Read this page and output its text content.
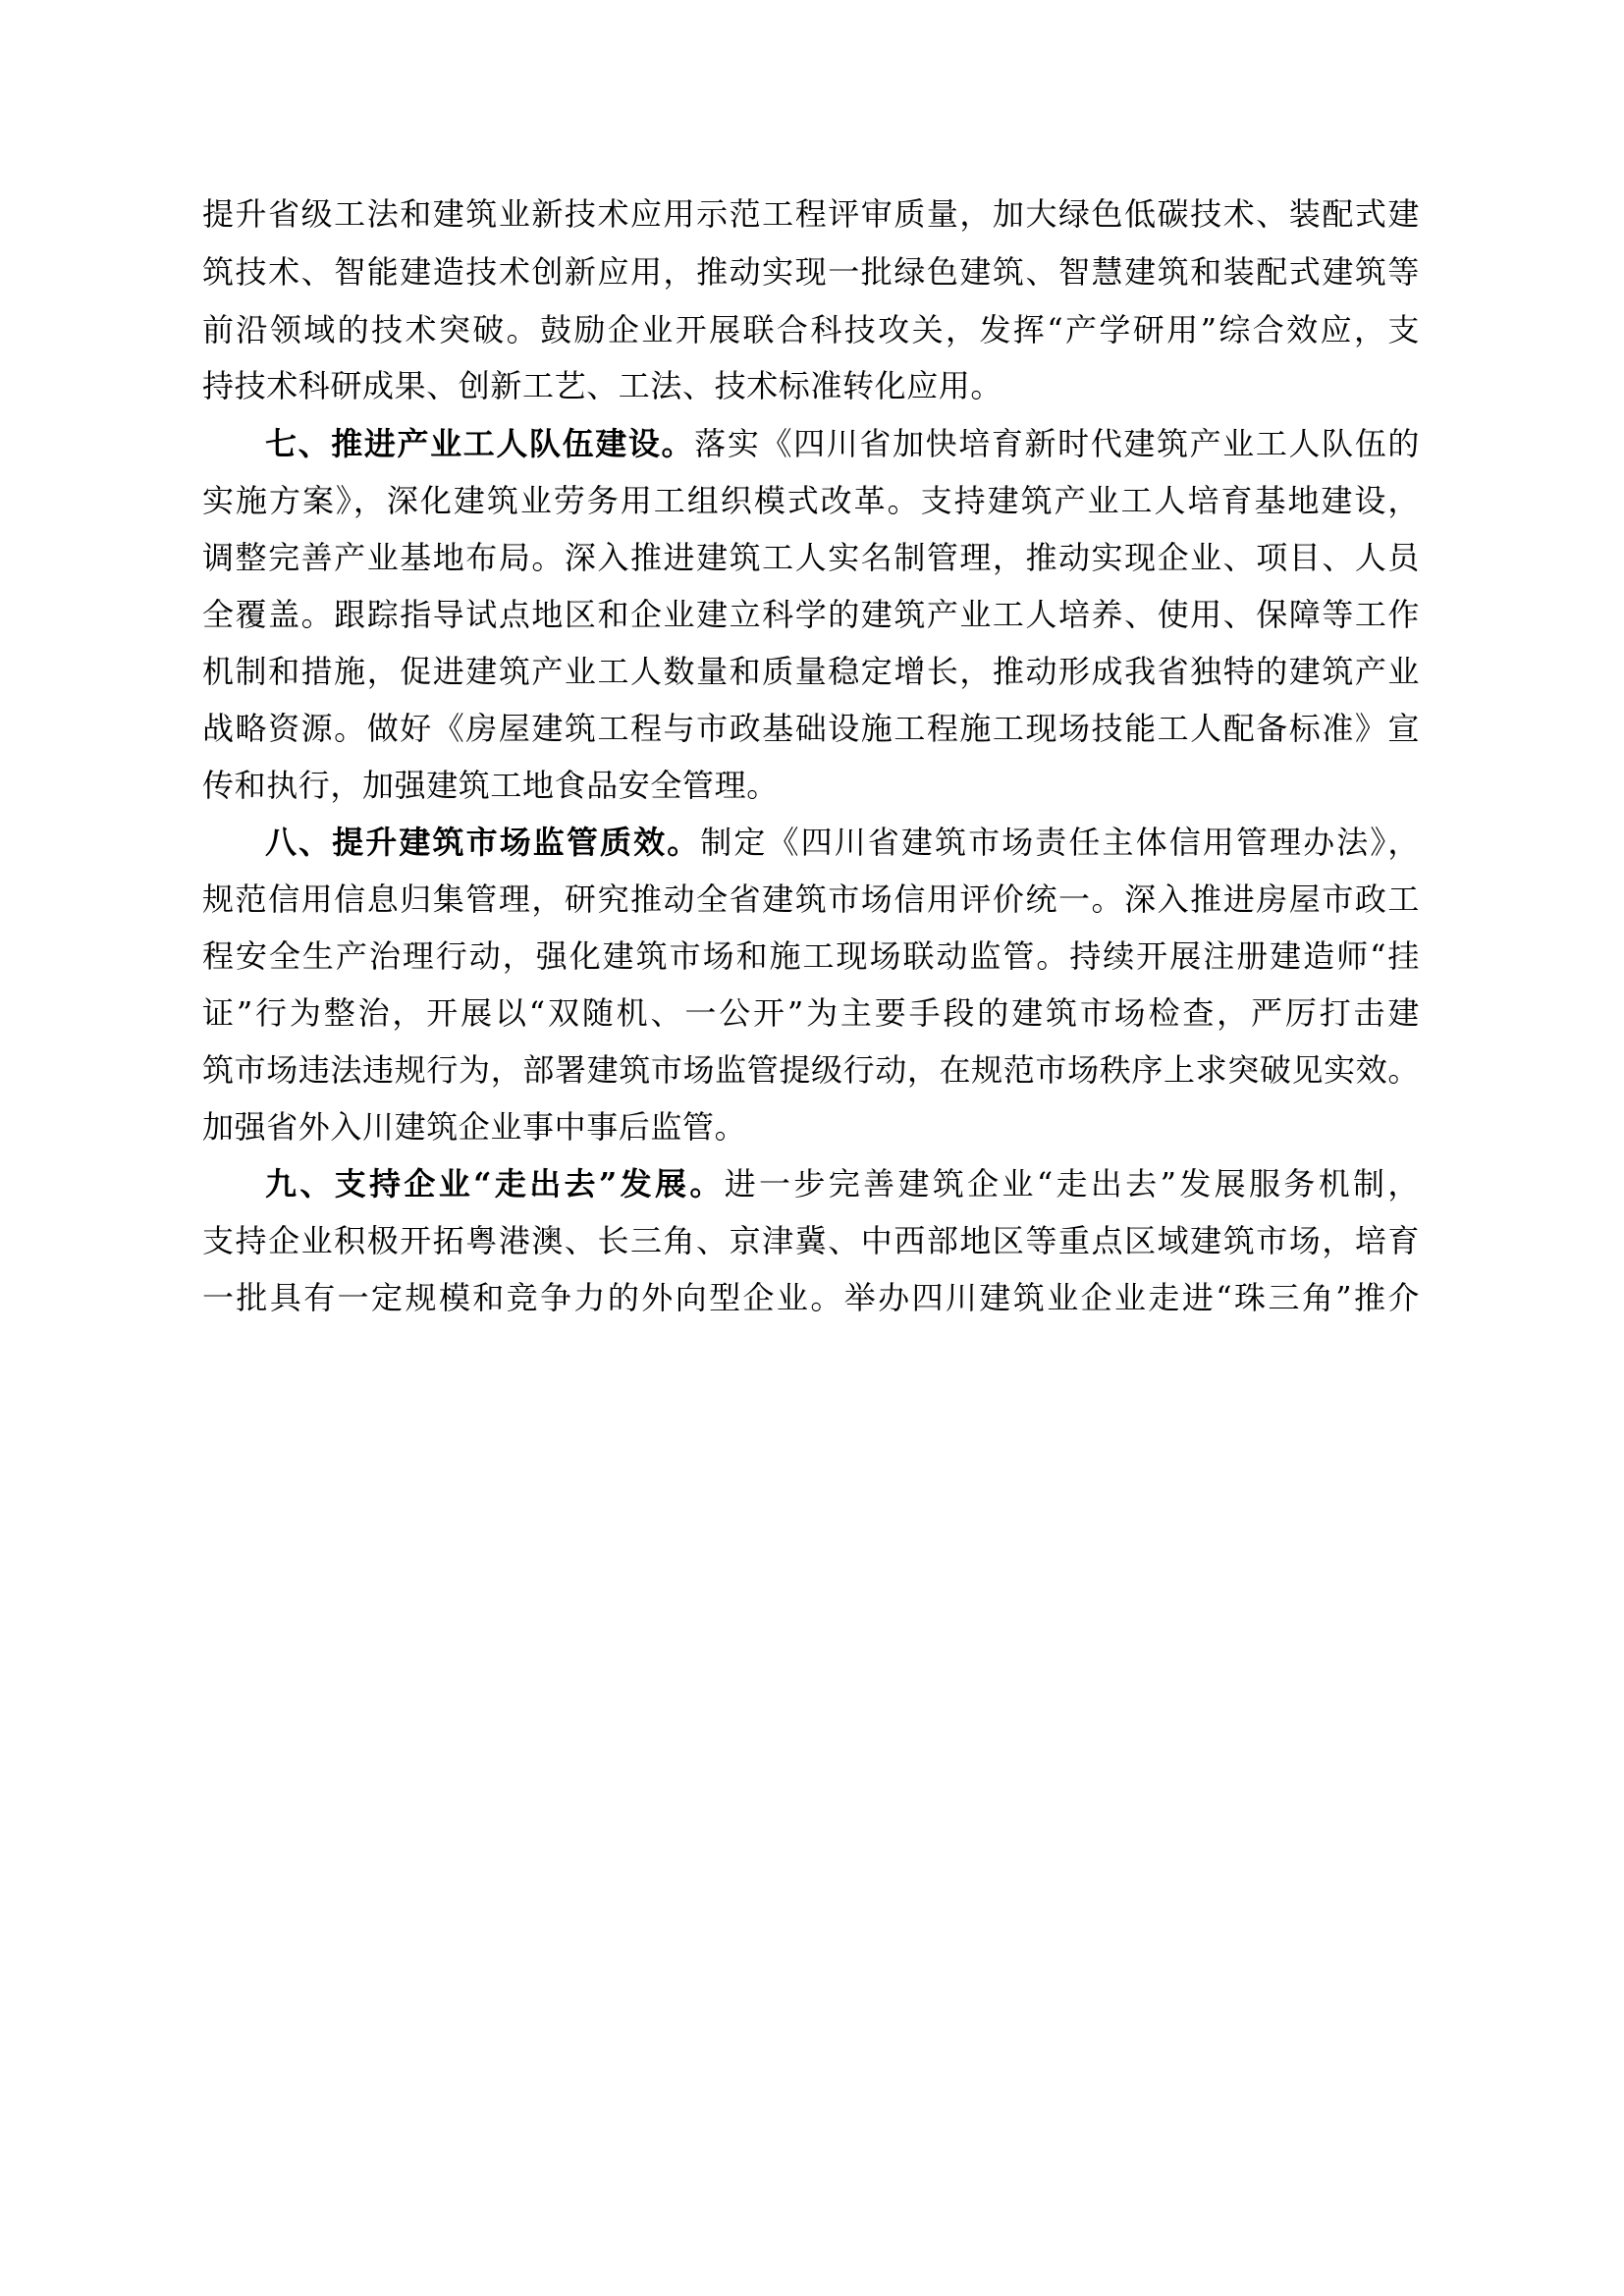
提升省级工法和建筑业新技术应用示范工程评审质量，加大绿色低碳技术、装配式建
筑技术、智能建造技术创新应用，推动实现一批绿色建筑、智慧建筑和装配式建筑等
前沿领域的技术突破。鼓励企业开展联合科技攻关，发挥“产学研用”综合效应，支
持技术科研成果、创新工艺、工法、技术标准转化应用。
七、推进产业工人队伍建设。落实《四川省加快培育新时代建筑产业工人队伍的
实施方案》，深化建筑业劳务用工组织模式改革。支持建筑产业工人培育基地建设，
调整完善产业基地布局。深入推进建筑工人实名制管理，推动实现企业、项目、人员
全覆盖。跟踪指导试点地区和企业建立科学的建筑产业工人培养、使用、保障等工作
机制和措施，促进建筑产业工人数量和质量稳定增长，推动形成我省独特的建筑产业
战略资源。做好《房屋建筑工程与市政基础设施工程施工现场技能工人配备标准》宣
传和执行，加强建筑工地食品安全管理。
八、提升建筑市场监管质效。制定《四川省建筑市场责任主体信用管理办法》，
规范信用信息归集管理，研究推动全省建筑市场信用评价统一。深入推进房屋市政工
程安全生产治理行动，强化建筑市场和施工现场联动监管。持续开展注册建造师“挂
证”行为整治，开展以“双随机、一公开”为主要手段的建筑市场检查，严厉打击建
筑市场违法违规行为，部署建筑市场监管提级行动，在规范市场秩序上求突破见实效。
加强省外入川建筑企业事中事后监管。
九、支持企业“走出去”发展。进一步完善建筑企业“走出去”发展服务机制，
支持企业积极开拓粤港澳、长三角、京津冀、中西部地区等重点区域建筑市场，培育
一批具有一定规模和竞争力的外向型企业。举办四川建筑业企业走进“珠三角”推介
